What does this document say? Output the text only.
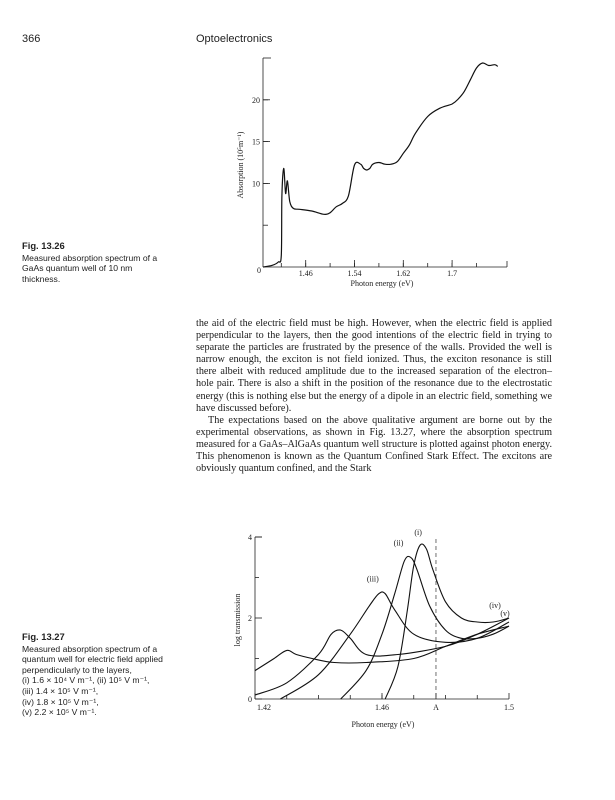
366	Optoelectronics
10
15
20
1.46	1.54	1.62	1.7
0
Photon energy (eV)
Absorption (10⁵m⁻¹)
Fig. 13.26
Measured absorption spectrum of a
GaAs quantum well of 10 nm
thickness.

the aid of the electric field must be high. However, when the electric field is applied perpendicular to the layers, then the good intentions of the electric field in trying to separate the particles are frustrated by the presence of the walls. Provided the well is narrow enough, the exciton is not field ionized. Thus, the exciton resonance is still there albeit with reduced amplitude due to the increased separation of the electron–hole pair. There is also a shift in the position of the resonance due to the electrostatic energy (this is nothing else but the energy of a dipole in an electric field, something we have discussed before).

The expectations based on the above qualitative argument are borne out by the experimental observations, as shown in Fig. 13.27, where the absorption spectrum measured for a GaAs–AlGaAs quantum well structure is plotted against photon energy. This phenomenon is known as the Quantum Confined Stark Effect. The excitons are obviously quantum confined, and the Stark

0
2
4
1.42	1.46	A	1.5
(i)
(ii)
(iii)
(iv)
(v)
Photon energy (eV)
log transmission
Fig. 13.27
Measured absorption spectrum of a
quantum well for electric field applied
perpendicularly to the layers,
(i) 1.6 × 10⁴ V m⁻¹, (ii) 10⁵ V m⁻¹,
(iii) 1.4 × 10⁵ V m⁻¹,
(iv) 1.8 × 10⁵ V m⁻¹,
(v) 2.2 × 10⁵ V m⁻¹.
